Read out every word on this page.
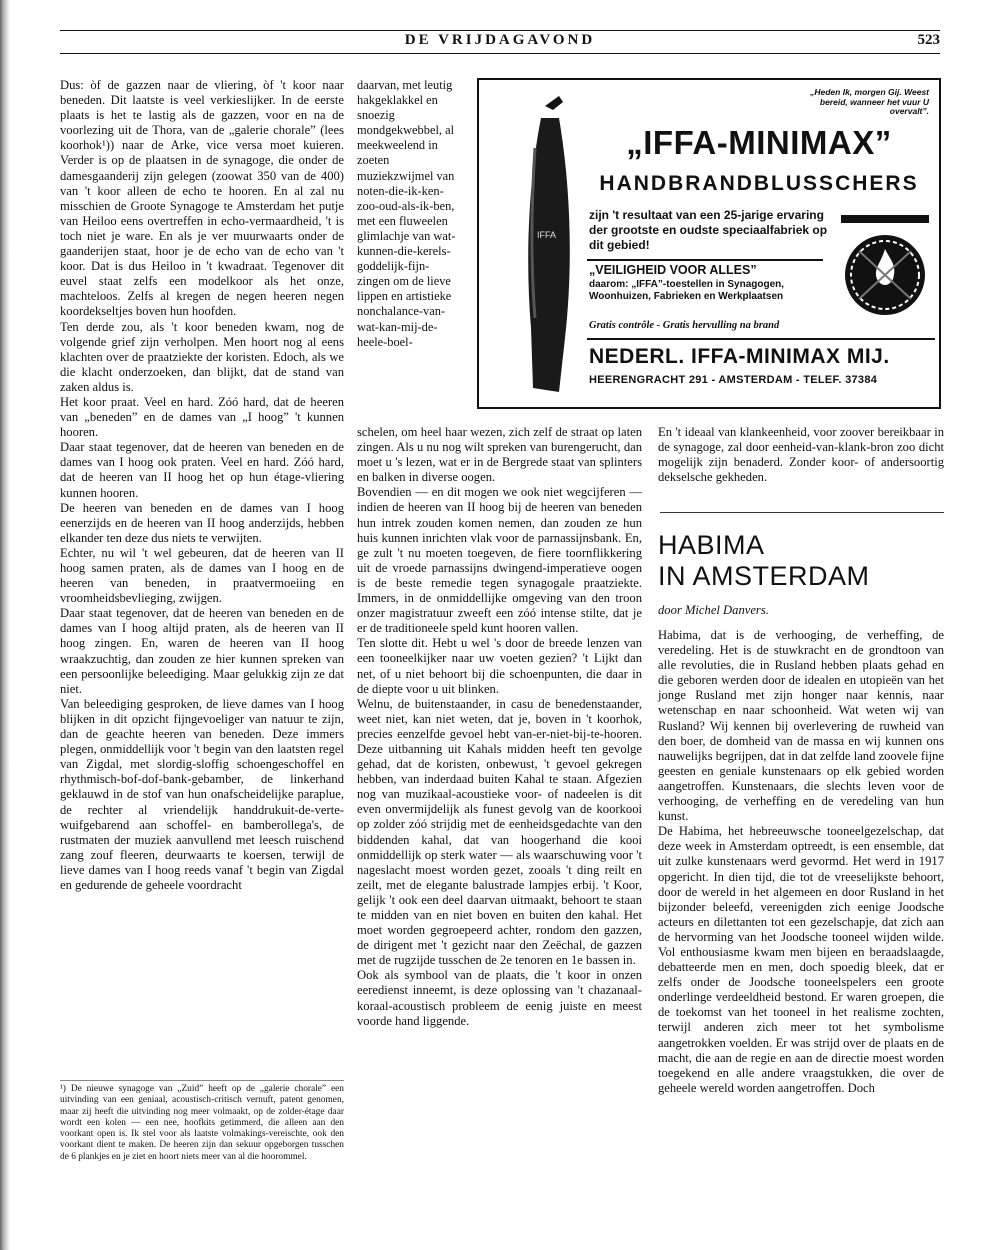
DE VRIJDAGAVOND	523

Dus: òf de gazzen naar de vliering, òf 't koor naar beneden. Dit laatste is veel verkieslijker. In de eerste plaats is het te lastig als de gazzen, voor en na de voorlezing uit de Thora, van de „galerie chorale” (lees koorhok¹)) naar de Arke, vice versa moet kuieren. Verder is op de plaatsen in de synagoge, die onder de damesgaanderij zijn gelegen (zoowat 350 van de 400) van 't koor alleen de echo te hooren. En al zal nu misschien de Groote Synagoge te Amsterdam het putje van Heiloo eens overtreffen in echo-vermaardheid, 't is toch niet je ware. En als je ver muurwaarts onder de gaanderijen staat, hoor je de echo van de echo van 't koor. Dat is dus Heiloo in 't kwadraat. Tegenover dit euvel staat zelfs een modelkoor als het onze, machteloos. Zelfs al kregen de negen heeren negen koordekseltjes boven hun hoofden.

Ten derde zou, als 't koor beneden kwam, nog de volgende grief zijn verholpen. Men hoort nog al eens klachten over de praatziekte der koristen. Edoch, als we die klacht onderzoeken, dan blijkt, dat de stand van zaken aldus is.

Het koor praat. Veel en hard. Zóó hard, dat de heeren van „beneden” en de dames van „I hoog” 't kunnen hooren.

Daar staat tegenover, dat de heeren van beneden en de dames van I hoog ook praten. Veel en hard. Zóó hard, dat de heeren van II hoog het op hun étage-vliering kunnen hooren.

De heeren van beneden en de dames van I hoog eenerzijds en de heeren van II hoog anderzijds, hebben elkander ten deze dus niets te verwijten.

Echter, nu wil 't wel gebeuren, dat de heeren van II hoog samen praten, als de dames van I hoog en de heeren van beneden, in praatvermoeiing en vroomheidsbevlieging, zwijgen.

Daar staat tegenover, dat de heeren van beneden en de dames van I hoog altijd praten, als de heeren van II hoog zingen. En, waren de heeren van II hoog wraakzuchtig, dan zouden ze hier kunnen spreken van een persoonlijke beleediging. Maar gelukkig zijn ze dat niet.

Van beleediging gesproken, de lieve dames van I hoog blijken in dit opzicht fijngevoeliger van natuur te zijn, dan de geachte heeren van beneden. Deze immers plegen, onmiddellijk voor 't begin van den laatsten regel van Zigdal, met slordig-sloffig schoengeschoffel en rhythmisch-bof-dof-bank-gebamber, de linkerhand geklauwd in de stof van hun onafscheidelijke paraplue, de rechter al vriendelijk handdrukuit-de-verte-wuifgebarend aan schoffel- en bamberollega's, de rustmaten der muziek aanvullend met leesch ruischend zang zouf fleeren, deurwaarts te koersen, terwijl de lieve dames van I hoog reeds vanaf 't begin van Zigdal en gedurende de geheele voordracht

¹) De nieuwe synagoge van „Zuid” heeft op de „galerie chorale” een uitvinding van een geniaal, acoustisch-critisch vernuft, patent genomen, maar zij heeft die uitvinding nog meer volmaakt, op de zolder-étage daar wordt een kolen — een nee, hoofkits getimmerd, die alleen aan den voorkant open is. Ik stel voor als laatste volmakings-vereischte, ook den voorkant dient te maken. De heeren zijn dan sekuur opgeborgen tusschen de 6 plankjes en je ziet en hoort niets meer van al die hoorommel.

daarvan, met leutig hakgeklakkel en snoezig mondgekwebbel, al meekweelend in zoeten muziekzwijmel van noten-die-ik-ken-zoo-oud-als-ik-ben, met een fluweelen glimlachje van wat-kunnen-die-kerels-goddelijk-fijn-zingen om de lieve lippen en artistieke nonchalance-van-wat-kan-mij-de-heele-boel-

IFFA
„Heden Ik, morgen Gij. Weest bereid, wanneer het vuur U overvalt”.
„IFFA-MINIMAX”
HANDBRANDBLUSSCHERS
zijn 't resultaat van een 25-jarige ervaring der grootste en oudste speciaalfabriek op dit gebied!
„VEILIGHEID VOOR ALLES”
daarom: „IFFA”-toestellen in Synagogen, Woonhuizen, Fabrieken en Werkplaatsen
Gratis contrôle - Gratis hervulling na brand
NEDERL. IFFA-MINIMAX MIJ.
HEERENGRACHT 291 - AMSTERDAM - TELEF. 37384

schelen, om heel haar wezen, zich zelf de straat op laten zingen. Als u nu nog wilt spreken van burengerucht, dan moet u 's lezen, wat er in de Bergrede staat van splinters en balken in diverse oogen.

Bovendien — en dit mogen we ook niet wegcijferen — indien de heeren van II hoog bij de heeren van beneden hun intrek zouden komen nemen, dan zouden ze hun huis kunnen inrichten vlak voor de parnassijnsbank. En, ge zult 't nu moeten toegeven, de fiere toornflikkering uit de vroede parnassijns dwingend-imperatieve oogen is de beste remedie tegen synagogale praatziekte. Immers, in de onmiddellijke omgeving van den troon onzer magistratuur zweeft een zóó intense stilte, dat je er de traditioneele speld kunt hooren vallen.

Ten slotte dit. Hebt u wel 's door de breede lenzen van een tooneelkijker naar uw voeten gezien? 't Lijkt dan net, of u niet behoort bij die schoenpunten, die daar in de diepte voor u uit blinken.

Welnu, de buitenstaander, in casu de benedenstaander, weet niet, kan niet weten, dat je, boven in 't koorhok, precies eenzelfde gevoel hebt van-er-niet-bij-te-hooren. Deze uitbanning uit Kahals midden heeft ten gevolge gehad, dat de koristen, onbewust, 't gevoel gekregen hebben, van inderdaad buiten Kahal te staan. Afgezien nog van muzikaal-acoustieke voor- of nadeelen is dit even onvermijdelijk als funest gevolg van de koorkooi op zolder zóó strijdig met de eenheidsgedachte van den biddenden kahal, dat van hoogerhand die kooi onmiddellijk op sterk water — als waarschuwing voor 't nageslacht moest worden gezet, zooals 't ding reilt en zeilt, met de elegante balustrade lampjes erbij. 't Koor, gelijk 't ook een deel daarvan uitmaakt, behoort te staan te midden van en niet boven en buiten den kahal. Het moet worden gegroepeerd achter, rondom den gazzen, de dirigent met 't gezicht naar den Zeëchal, de gazzen met de rugzijde tusschen de 2e tenoren en 1e bassen in.

Ook als symbool van de plaats, die 't koor in onzen eeredienst inneemt, is deze oplossing van 't chazanaal-koraal-acoustisch probleem de eenig juiste en meest voorde hand liggende.

En 't ideaal van klankeenheid, voor zoover bereikbaar in de synagoge, zal door eenheid-van-klank-bron zoo dicht mogelijk zijn benaderd. Zonder koor- of andersoortig dekselsche gekheden.

HABIMA
IN AMSTERDAM
door Michel Danvers.

Habima, dat is de verhooging, de verheffing, de veredeling. Het is de stuwkracht en de grondtoon van alle revoluties, die in Rusland hebben plaats gehad en die geboren werden door de idealen en utopieën van het jonge Rusland met zijn honger naar kennis, naar wetenschap en naar schoonheid. Wat weten wij van Rusland? Wij kennen bij overlevering de ruwheid van den boer, de domheid van de massa en wij kunnen ons nauwelijks begrijpen, dat in dat zelfde land zoovele fijne geesten en geniale kunstenaars op elk gebied worden aangetroffen. Kunstenaars, die slechts leven voor de verhooging, de verheffing en de veredeling van hun kunst.

De Habima, het hebreeuwsche tooneelgezelschap, dat deze week in Amsterdam optreedt, is een ensemble, dat uit zulke kunstenaars werd gevormd. Het werd in 1917 opgericht. In dien tijd, die tot de vreeselijkste behoort, door de wereld in het algemeen en door Rusland in het bijzonder beleefd, vereenigden zich eenige Joodsche acteurs en dilettanten tot een gezelschapje, dat zich aan de hervorming van het Joodsche tooneel wijden wilde. Vol enthousiasme kwam men bijeen en beraadslaagde, debatteerde men en men, doch spoedig bleek, dat er zelfs onder de Joodsche tooneelspelers een groote onderlinge verdeeldheid bestond. Er waren groepen, die de toekomst van het tooneel in het realisme zochten, terwijl anderen zich meer tot het symbolisme aangetrokken voelden. Er was strijd over de plaats en de macht, die aan de regie en aan de directie moest worden toegekend en alle andere vraagstukken, die over de geheele wereld worden aangetroffen. Doch
